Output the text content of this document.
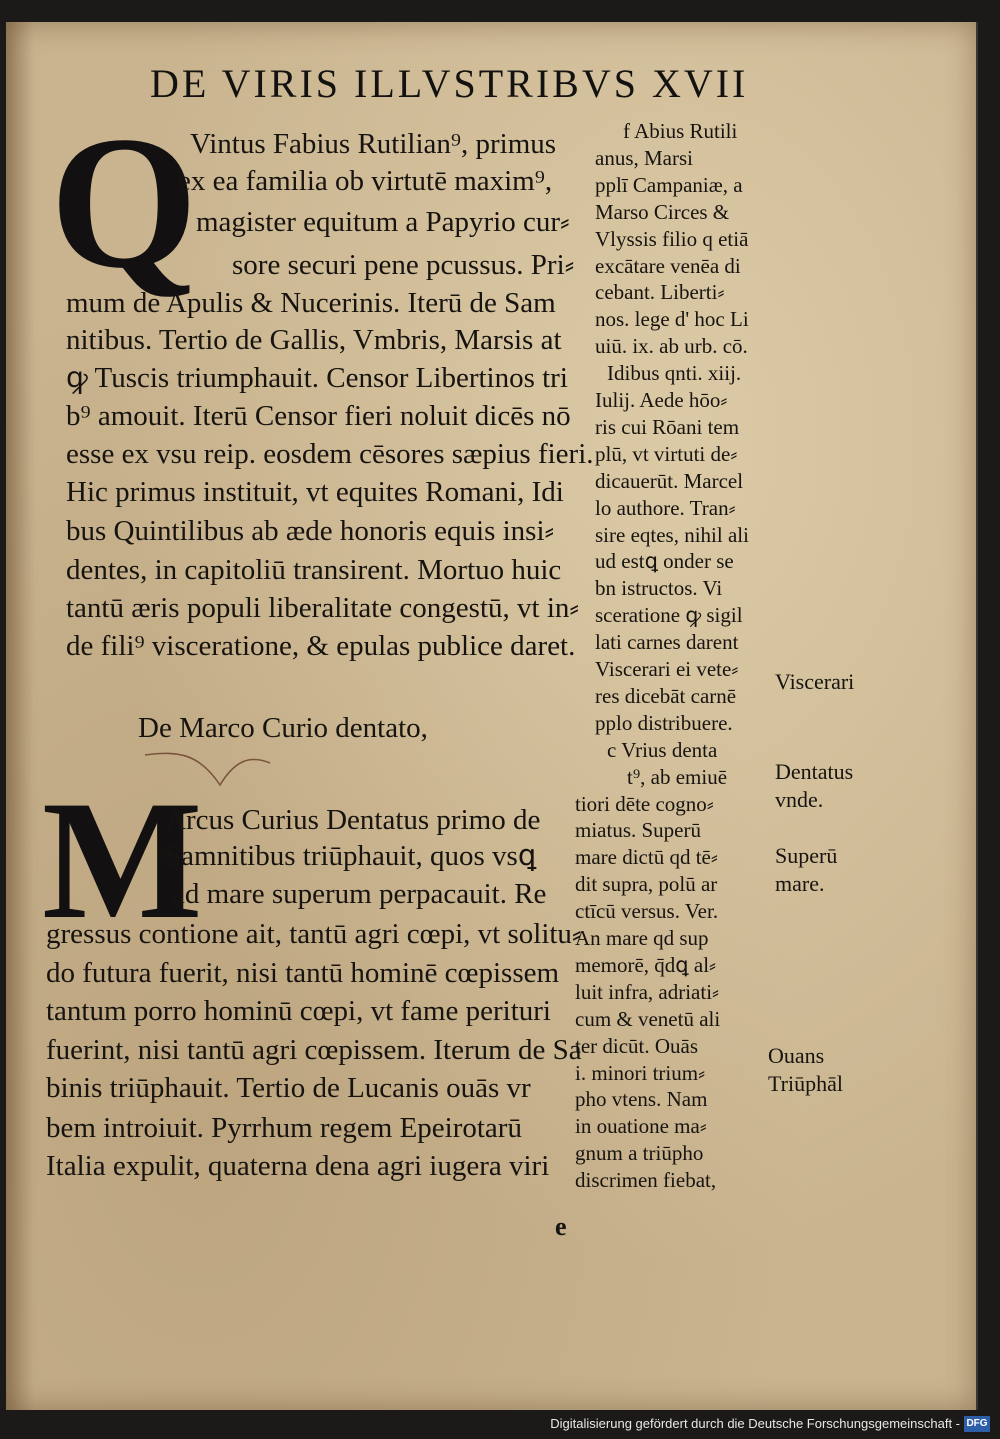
DE VIRIS ILLVSTRIBVS XVII
Q
M
Vintus Fabius Rutilian⁹, primus
ex ea familia ob virtutē maxim⁹,
magister equitum a Papyrio cur⸗
sore securi pene pcussus. Pri⸗
mum de Apulis & Nucerinis. Iterū de Sam
nitibus. Tertio de Gallis, Vmbris, Marsis at
ꝙ Tuscis triumphauit. Censor Libertinos tri
b⁹ amouit. Iterū Censor fieri noluit dicēs nō
esse ex vsu reip. eosdem cēsores sæpius fieri.
Hic primus instituit, vt equites Romani, Idi
bus Quintilibus ab æde honoris equis insi⸗
dentes, in capitoliū transirent. Mortuo huic
tantū æris populi liberalitate congestū, vt in⸗
de fili⁹ visceratione, & epulas publice daret.
De Marco Curio dentato,
Arcus Curius Dentatus primo de
Samnitibus triūphauit, quos vsꝗ
ad mare superum perpacauit. Re
gressus contione ait, tantū agri cœpi, vt solitu⸗
do futura fuerit, nisi tantū hominē cœpissem
tantum porro hominū cœpi, vt fame perituri
fuerint, nisi tantū agri cœpissem. Iterum de Sa
binis triūphauit. Tertio de Lucanis ouās vr
bem introiuit. Pyrrhum regem Epeirotarū
Italia expulit, quaterna dena agri iugera viri
f Abius Rutili
anus, Marsi
pplī Campaniæ, a
Marso Circes &
Vlyssis filio q etiā
excātare venēa di
cebant. Liberti⸗
nos. lege d' hoc Li
uiū. ix. ab urb. cō.
Idibus qnti. xiij.
Iulij. Aede hōo⸗
ris cui Rōani tem
plū, vt virtuti de⸗
dicauerūt. Marcel
lo authore. Tran⸗
sire eqtes, nihil ali
ud estꝗ onder se
bn istructos. Vi
sceratione ꝙ sigil
lati carnes darent
Viscerari ei vete⸗
res dicebāt carnē
pplo distribuere.
c Vrius denta
t⁹, ab emiuē
tiori dēte cogno⸗
miatus. Superū
mare dictū qd tē⸗
dit supra, polū ar
ctīcū versus. Ver.
An mare qd sup
memorē, q̄dꝗ al⸗
luit infra, adriati⸗
cum & venetū ali
ter dicūt. Ouās
i. minori trium⸗
pho vtens. Nam
in ouatione ma⸗
gnum a triūpho
discrimen fiebat,
Viscerari
Dentatus
vnde.
Superū
mare.
Ouans
Triūphāl
e
Digitalisierung gefördert durch die Deutsche Forschungsgemeinschaft - DFG
